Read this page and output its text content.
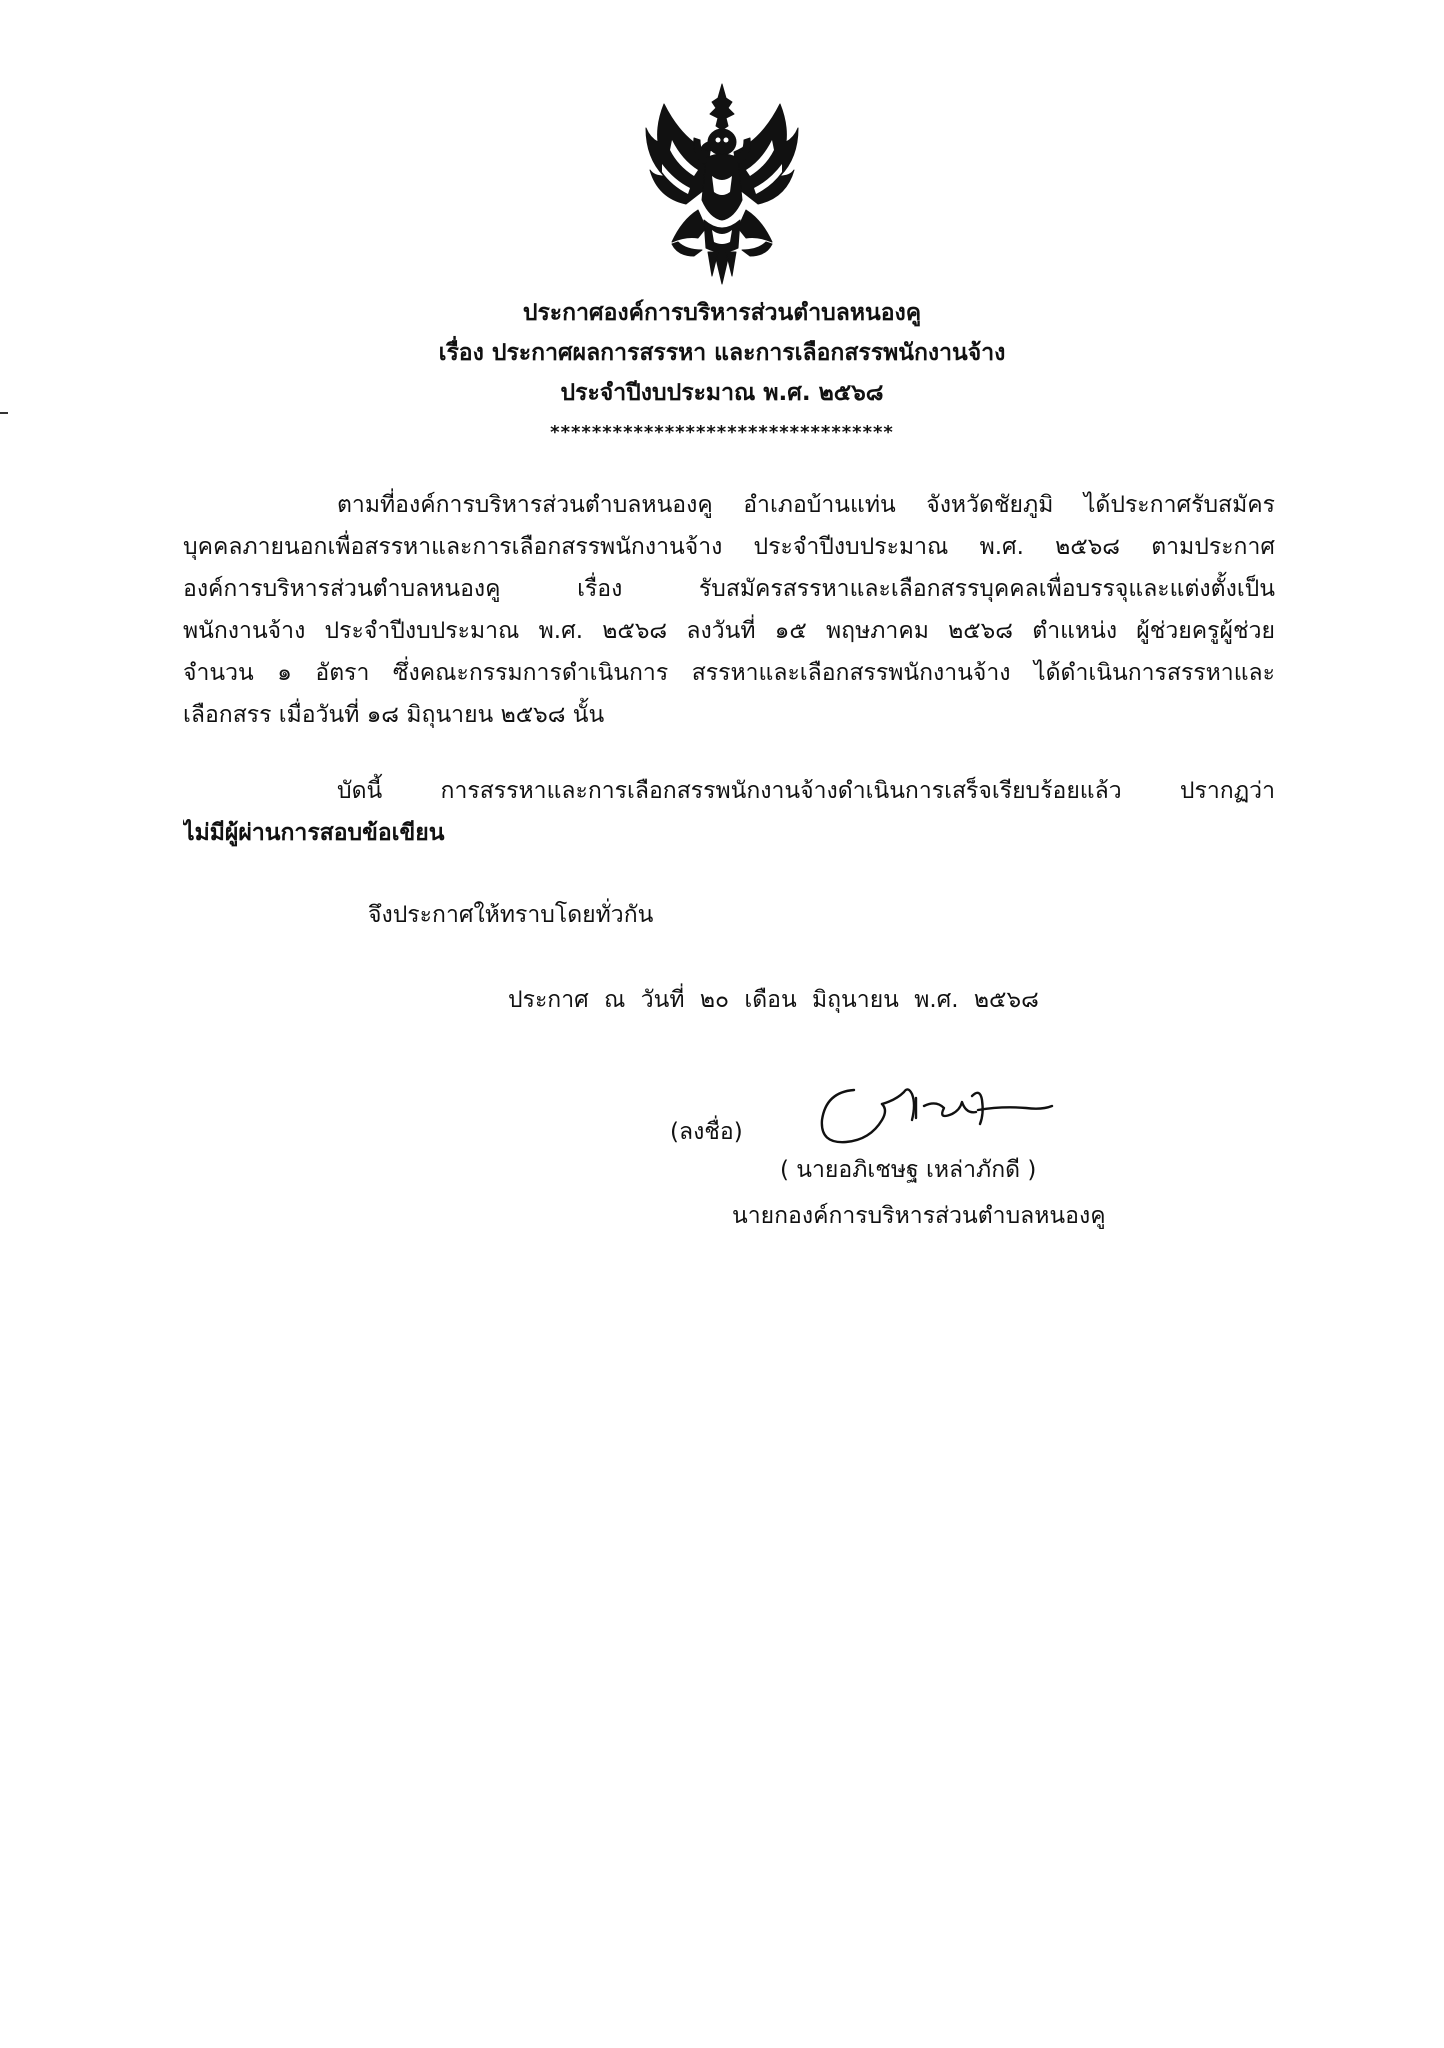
ประกาศองค์การบริหารส่วนตำบลหนองคู
เรื่อง ประกาศผลการสรรหา และการเลือกสรรพนักงานจ้าง
ประจำปีงบประมาณ พ.ศ. ๒๕๖๘
*********************************
ตามที่องค์การบริหารส่วนตำบลหนองคู อำเภอบ้านแท่น จังหวัดชัยภูมิ ได้ประกาศรับสมัคร
บุคคลภายนอกเพื่อสรรหาและการเลือกสรรพนักงานจ้าง ประจำปีงบประมาณ พ.ศ. ๒๕๖๘ ตามประกาศ
องค์การบริหารส่วนตำบลหนองคู เรื่อง รับสมัครสรรหาและเลือกสรรบุคคลเพื่อบรรจุและแต่งตั้งเป็น
พนักงานจ้าง ประจำปีงบประมาณ พ.ศ. ๒๕๖๘ ลงวันที่ ๑๕ พฤษภาคม ๒๕๖๘ ตำแหน่ง ผู้ช่วยครูผู้ช่วย
จำนวน ๑ อัตรา ซึ่งคณะกรรมการดำเนินการ สรรหาและเลือกสรรพนักงานจ้าง ได้ดำเนินการสรรหาและ
เลือกสรร เมื่อวันที่ ๑๘ มิถุนายน ๒๕๖๘ นั้น
บัดนี้ การสรรหาและการเลือกสรรพนักงานจ้างดำเนินการเสร็จเรียบร้อยแล้ว ปรากฏว่า
ไม่มีผู้ผ่านการสอบข้อเขียน
จึงประกาศให้ทราบโดยทั่วกัน
ประกาศ ณ วันที่ ๒๐ เดือน มิถุนายน พ.ศ. ๒๕๖๘
(ลงชื่อ)
( นายอภิเชษฐ เหล่าภักดี )
นายกองค์การบริหารส่วนตำบลหนองคู
